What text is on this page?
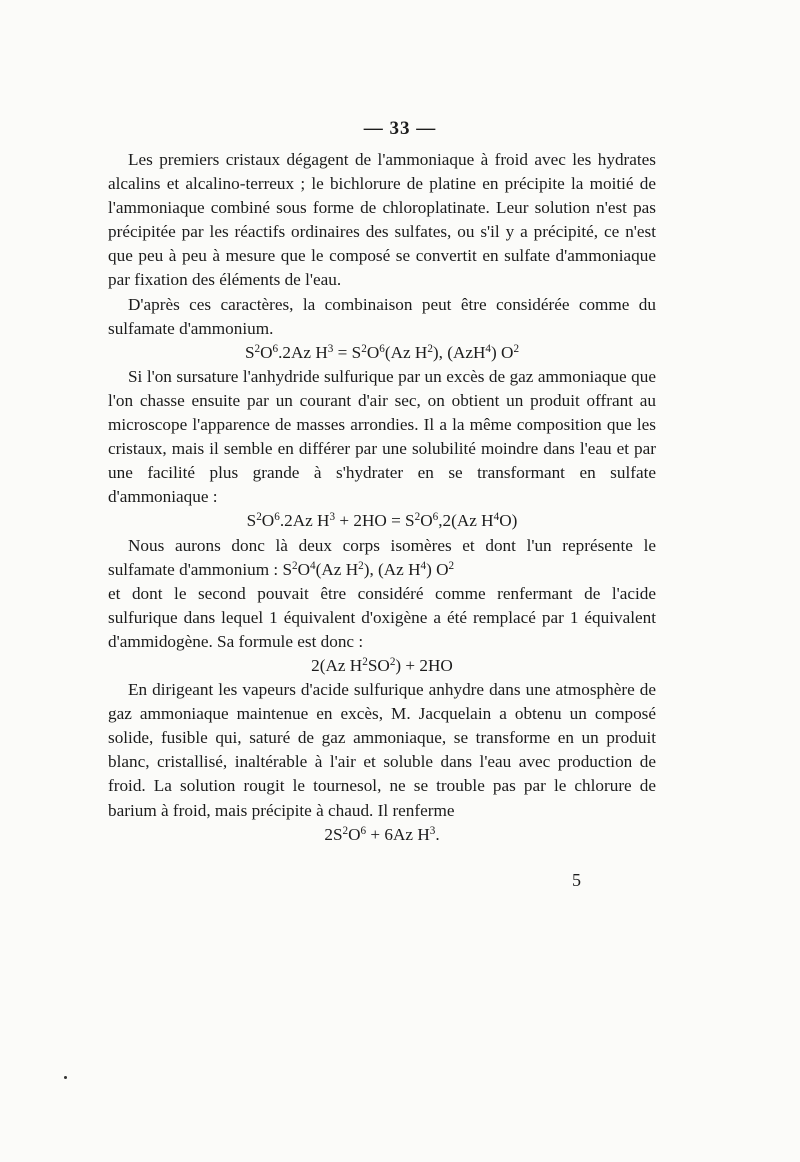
— 33 —

Les premiers cristaux dégagent de l'ammoniaque à froid avec les hydrates alcalins et alcalino-terreux ; le bichlorure de platine en précipite la moitié de l'ammoniaque combiné sous forme de chloroplatinate. Leur solution n'est pas précipitée par les réactifs ordinaires des sulfates, ou s'il y a précipité, ce n'est que peu à peu à mesure que le composé se convertit en sulfate d'ammoniaque par fixation des éléments de l'eau.

D'après ces caractères, la combinaison peut être considérée comme du sulfamate d'ammonium.

$S^2O^6.2Az$ $H^3 = S^2O^6(Az$ $H^2$), (AzH$^4$) $O^2$

Si l'on sursature l'anhydride sulfurique par un excès de gaz ammoniaque que l'on chasse ensuite par un courant d'air sec, on obtient un produit offrant au microscope l'apparence de masses arrondies. Il a la même composition que les cristaux, mais il semble en différer par une solubilité moindre dans l'eau et par une facilité plus grande à s'hydrater en se transformant en sulfate d'ammoniaque :

$S^2O^6.2Az$ $H^3 + 2HO = S^2O^6,2(Az$ $H^4O$)

Nous aurons donc là deux corps isomères et dont l'un représente le sulfamate d'ammonium : $S^2O^4(Az$ $H^2$), (Az $H^4$) $O^2$

et dont le second pouvait être considéré comme renfermant de l'acide sulfurique dans lequel 1 équivalent d'oxigène a été remplacé par 1 équivalent d'ammidogène. Sa formule est donc :

2(Az $H^2SO^2) + 2HO$

En dirigeant les vapeurs d'acide sulfurique anhydre dans une atmosphère de gaz ammoniaque maintenue en excès, M. Jacquelain a obtenu un composé solide, fusible qui, saturé de gaz ammoniaque, se transforme en un produit blanc, cristallisé, inaltérable à l'air et soluble dans l'eau avec production de froid. La solution rougit le tournesol, ne se trouble pas par le chlorure de barium à froid, mais précipite à chaud. Il renferme

$2S^2O^6 + 6Az$ $H^3$.

5
